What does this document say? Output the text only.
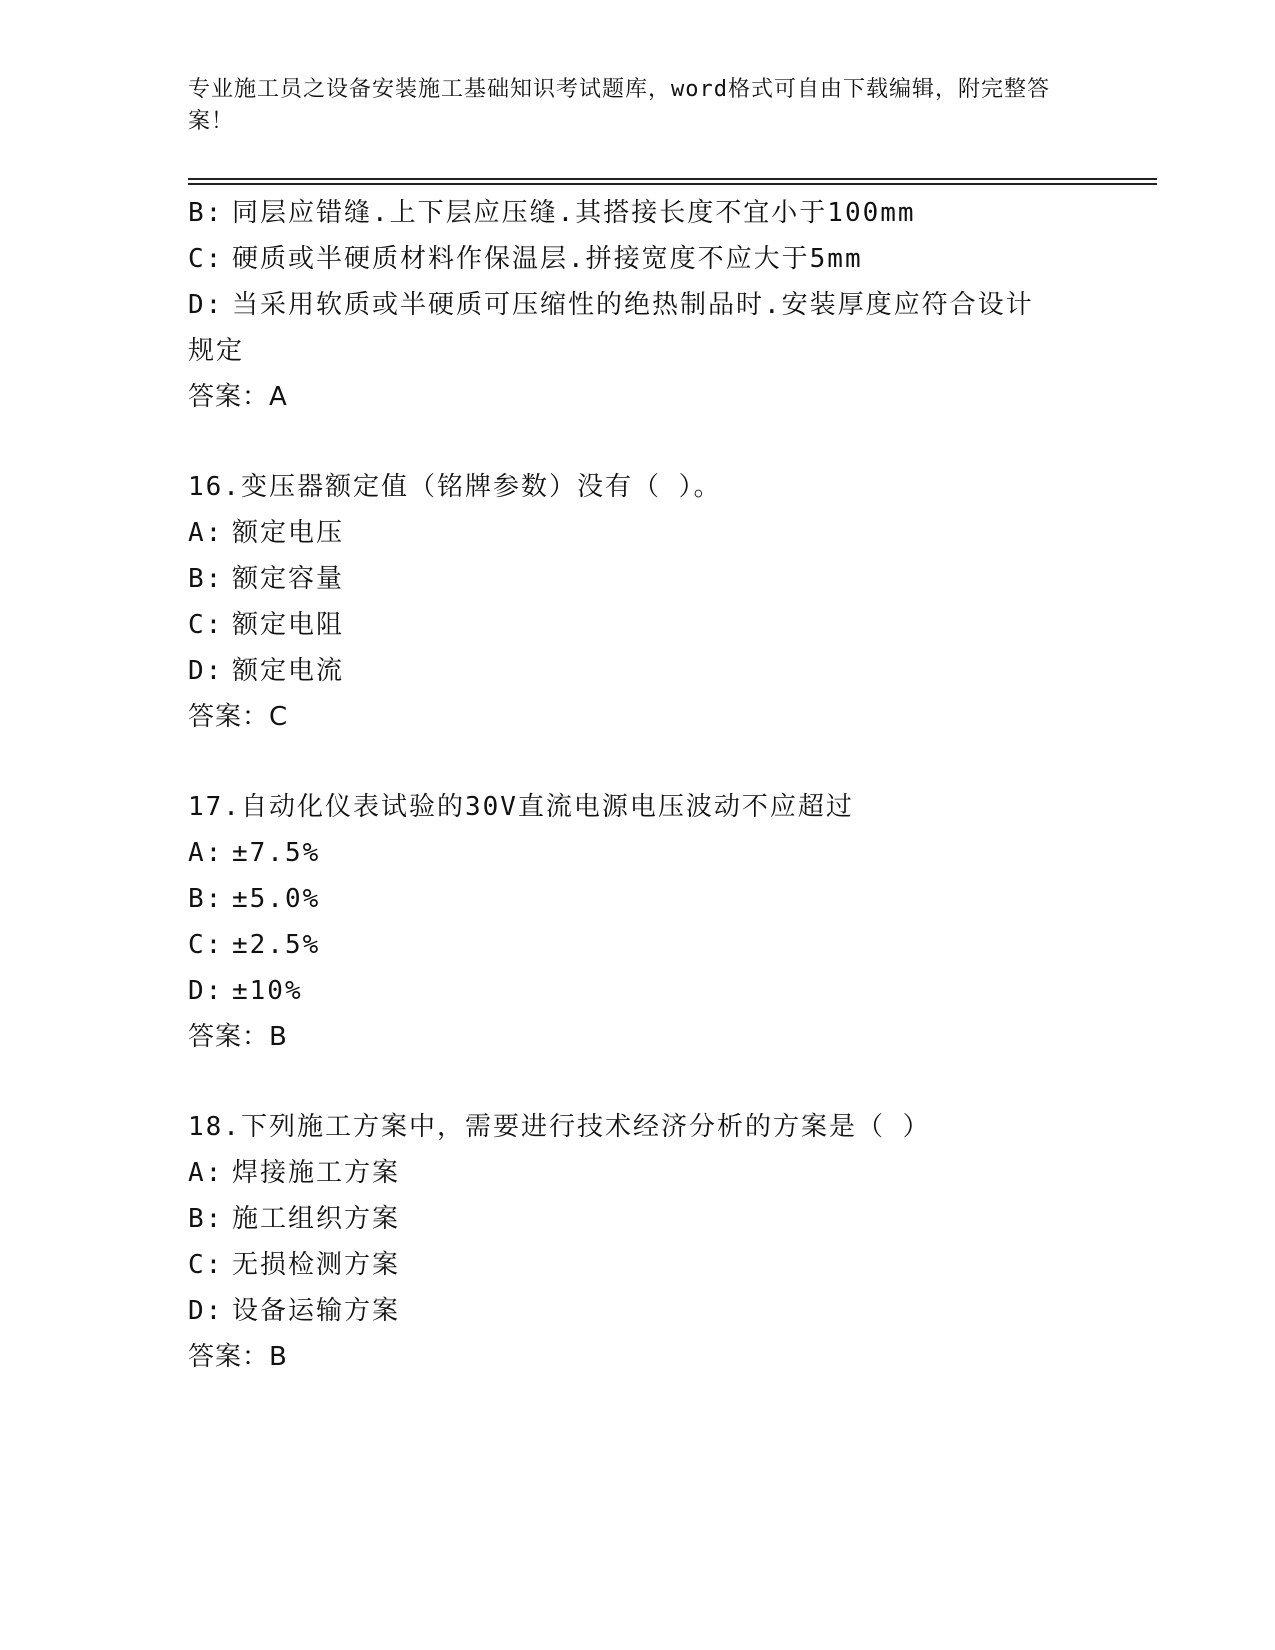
专业施工员之设备安装施工基础知识考试题库，word格式可自由下载编辑，附完整答案！
B: 同层应错缝.上下层应压缝.其搭接长度不宜小于100mm
C: 硬质或半硬质材料作保温层.拼接宽度不应大于5mm
D: 当采用软质或半硬质可压缩性的绝热制品时.安装厚度应符合设计规定
答案：A
16.变压器额定值（铭牌参数）没有（ ）。
A: 额定电压
B: 额定容量
C: 额定电阻
D: 额定电流
答案：C
17.自动化仪表试验的30V直流电源电压波动不应超过
A: ±7.5%
B: ±5.0%
C: ±2.5%
D: ±10%
答案：B
18.下列施工方案中，需要进行技术经济分析的方案是（ ）
A: 焊接施工方案
B: 施工组织方案
C: 无损检测方案
D: 设备运输方案
答案：B
